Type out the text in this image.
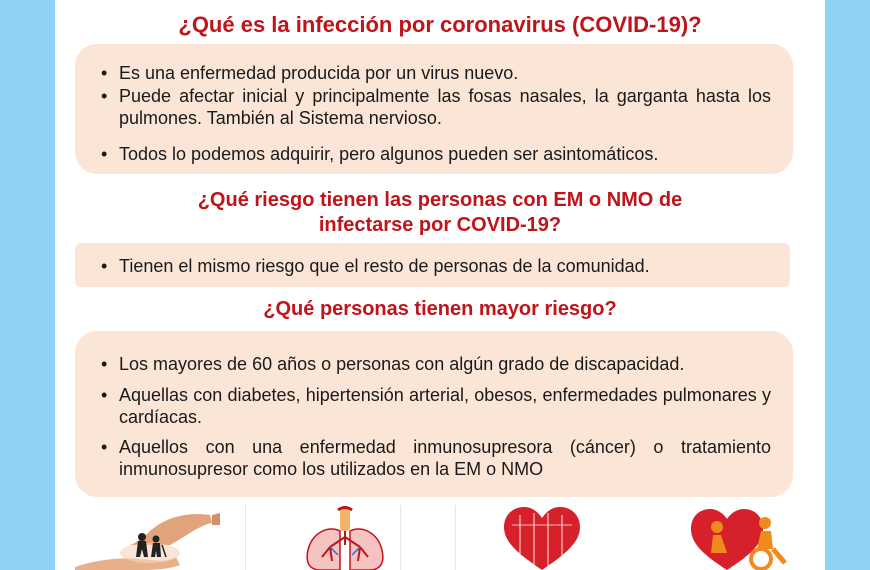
¿Qué es la infección por coronavirus (COVID-19)?
• Es una enfermedad producida por un virus nuevo.
• Puede afectar inicial y principalmente las fosas nasales, la garganta hasta los pulmones. También al Sistema nervioso.
• Todos lo podemos adquirir, pero algunos pueden ser asintomáticos.
¿Qué riesgo tienen las personas con EM o NMO de
infectarse por COVID-19?
• Tienen el mismo riesgo que el resto de personas de la comunidad.
¿Qué personas tienen mayor riesgo?
• Los mayores de 60 años o personas con algún grado de discapacidad.
• Aquellas con diabetes, hipertensión arterial, obesos, enfermedades pulmonares y cardíacas.
• Aquellos con una enfermedad inmunosupresora (cáncer) o tratamiento inmunosupresor como los utilizados en la EM o NMO
